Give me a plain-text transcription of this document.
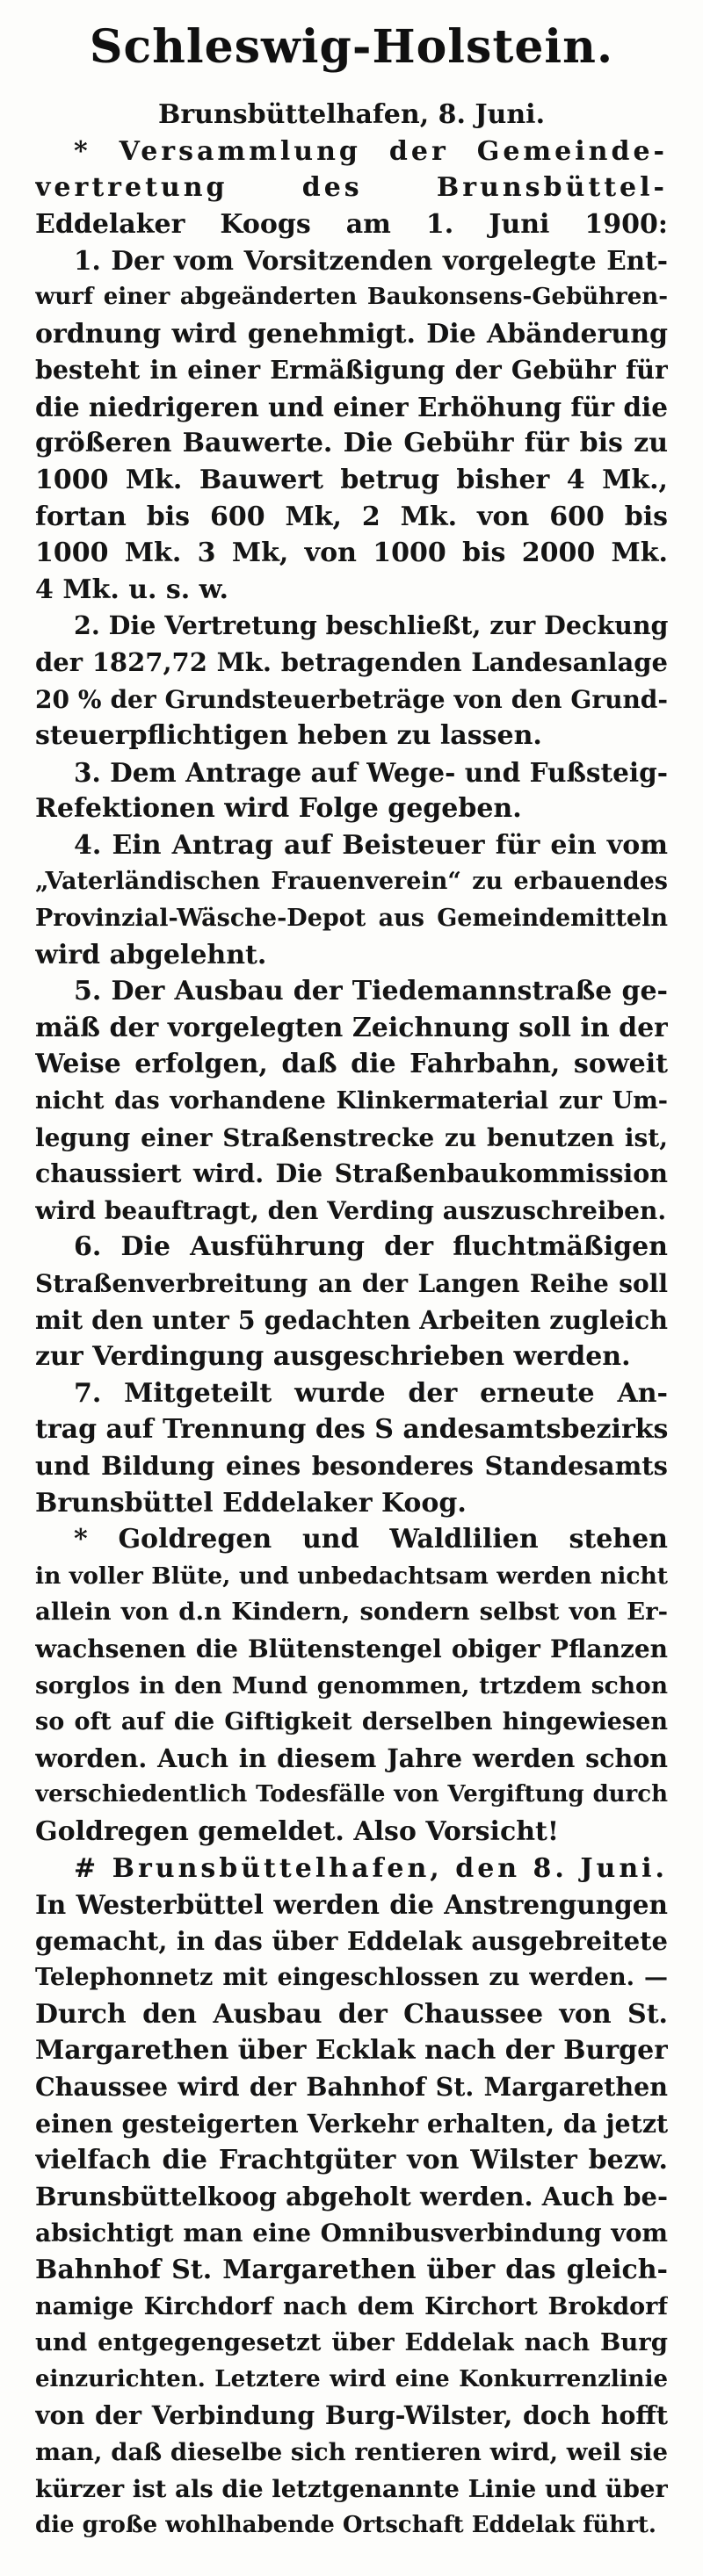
Schleswig-Holstein.
Brunsbüttelhafen, 8. Juni.
* Versammlung der Gemeinde-
vertretung des Brunsbüttel-
Eddelaker Koogs am 1. Juni 1900:
1. Der vom Vorsitzenden vorgelegte Ent-
wurf einer abgeänderten Baukonsens-Gebühren-
ordnung wird genehmigt. Die Abänderung
besteht in einer Ermäßigung der Gebühr für
die niedrigeren und einer Erhöhung für die
größeren Bauwerte. Die Gebühr für bis zu
1000 Mk. Bauwert betrug bisher 4 Mk.,
fortan bis 600 Mk, 2 Mk. von 600 bis
1000 Mk. 3 Mk, von 1000 bis 2000 Mk.
4 Mk. u. s. w.
2. Die Vertretung beschließt, zur Deckung
der 1827,72 Mk. betragenden Landesanlage
20 % der Grundsteuerbeträge von den Grund-
steuerpflichtigen heben zu lassen.
3. Dem Antrage auf Wege- und Fußsteig-
Refektionen wird Folge gegeben.
4. Ein Antrag auf Beisteuer für ein vom
„Vaterländischen Frauenverein“ zu erbauendes
Provinzial-Wäsche-Depot aus Gemeindemitteln
wird abgelehnt.
5. Der Ausbau der Tiedemannstraße ge-
mäß der vorgelegten Zeichnung soll in der
Weise erfolgen, daß die Fahrbahn, soweit
nicht das vorhandene Klinkermaterial zur Um-
legung einer Straßenstrecke zu benutzen ist,
chaussiert wird. Die Straßenbaukommission
wird beauftragt, den Verding auszuschreiben.
6. Die Ausführung der fluchtmäßigen
Straßenverbreitung an der Langen Reihe soll
mit den unter 5 gedachten Arbeiten zugleich
zur Verdingung ausgeschrieben werden.
7. Mitgeteilt wurde der erneute An-
trag auf Trennung des S andesamtsbezirks
und Bildung eines besonderes Standesamts
Brunsbüttel Eddelaker Koog.
* Goldregen und Waldlilien stehen
in voller Blüte, und unbedachtsam werden nicht
allein von d.n Kindern, sondern selbst von Er-
wachsenen die Blütenstengel obiger Pflanzen
sorglos in den Mund genommen, trtzdem schon
so oft auf die Giftigkeit derselben hingewiesen
worden. Auch in diesem Jahre werden schon
verschiedentlich Todesfälle von Vergiftung durch
Goldregen gemeldet. Also Vorsicht!
# Brunsbüttelhafen, den 8. Juni.
In Westerbüttel werden die Anstrengungen
gemacht, in das über Eddelak ausgebreitete
Telephonnetz mit eingeschlossen zu werden. —
Durch den Ausbau der Chaussee von St.
Margarethen über Ecklak nach der Burger
Chaussee wird der Bahnhof St. Margarethen
einen gesteigerten Verkehr erhalten, da jetzt
vielfach die Frachtgüter von Wilster bezw.
Brunsbüttelkoog abgeholt werden. Auch be-
absichtigt man eine Omnibusverbindung vom
Bahnhof St. Margarethen über das gleich-
namige Kirchdorf nach dem Kirchort Brokdorf
und entgegengesetzt über Eddelak nach Burg
einzurichten. Letztere wird eine Konkurrenzlinie
von der Verbindung Burg-Wilster, doch hofft
man, daß dieselbe sich rentieren wird, weil sie
kürzer ist als die letztgenannte Linie und über
die große wohlhabende Ortschaft Eddelak führt.
